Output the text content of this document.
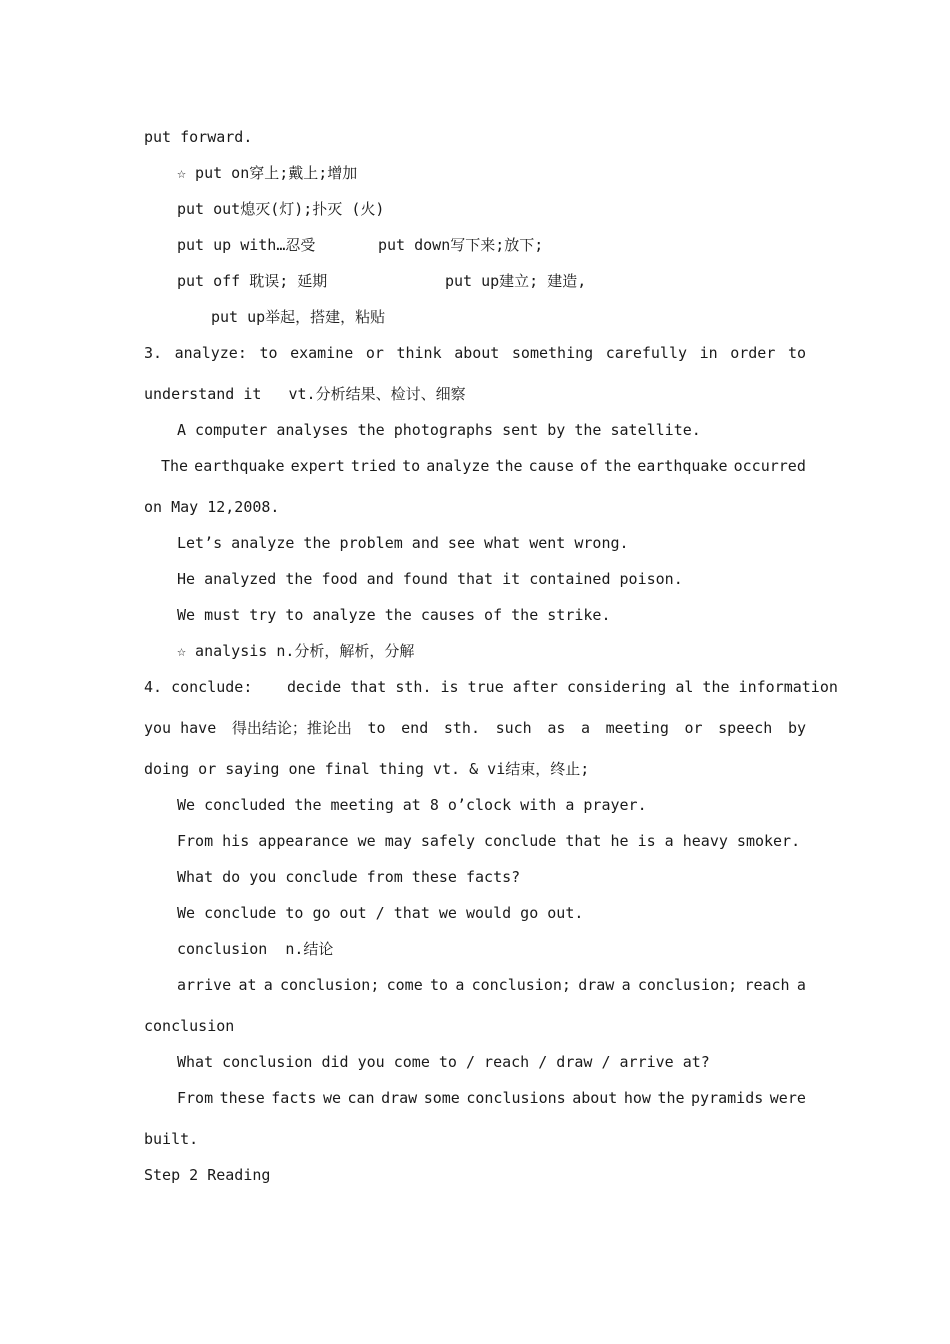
put forward.
☆ put on穿上;戴上;增加
put out熄灭(灯);扑灭 (火)
put up with…忍受	put down写下来;放下;
put off 耽误; 延期	put up建立; 建造,
put up举起，搭建，粘贴
3. analyze: to examine or think about something carefully in order to
understand it   vt.分析结果、检讨、细察
A computer analyses the photographs sent by the satellite.
The earthquake expert tried to analyze the cause of the earthquake occurred
on May 12,2008.
Let’s analyze the problem and see what went wrong.
He analyzed the food and found that it contained poison.
We must try to analyze the causes of the strike.
☆ analysis n.分析，解析，分解
4. conclude: decide that sth. is true after considering al the information
you have 得出结论；推论出 to end sth. such as a meeting or speech by
doing or saying one final thing vt. & vi结束，终止;
We concluded the meeting at 8 o’clock with a prayer.
From his appearance we may safely conclude that he is a heavy smoker.
What do you conclude from these facts?
We conclude to go out / that we would go out.
conclusion  n.结论
arrive at a conclusion; come to a conclusion; draw a conclusion; reach a
conclusion
What conclusion did you come to / reach / draw / arrive at?
From these facts we can draw some conclusions about how the pyramids were
built.
Step 2 Reading
